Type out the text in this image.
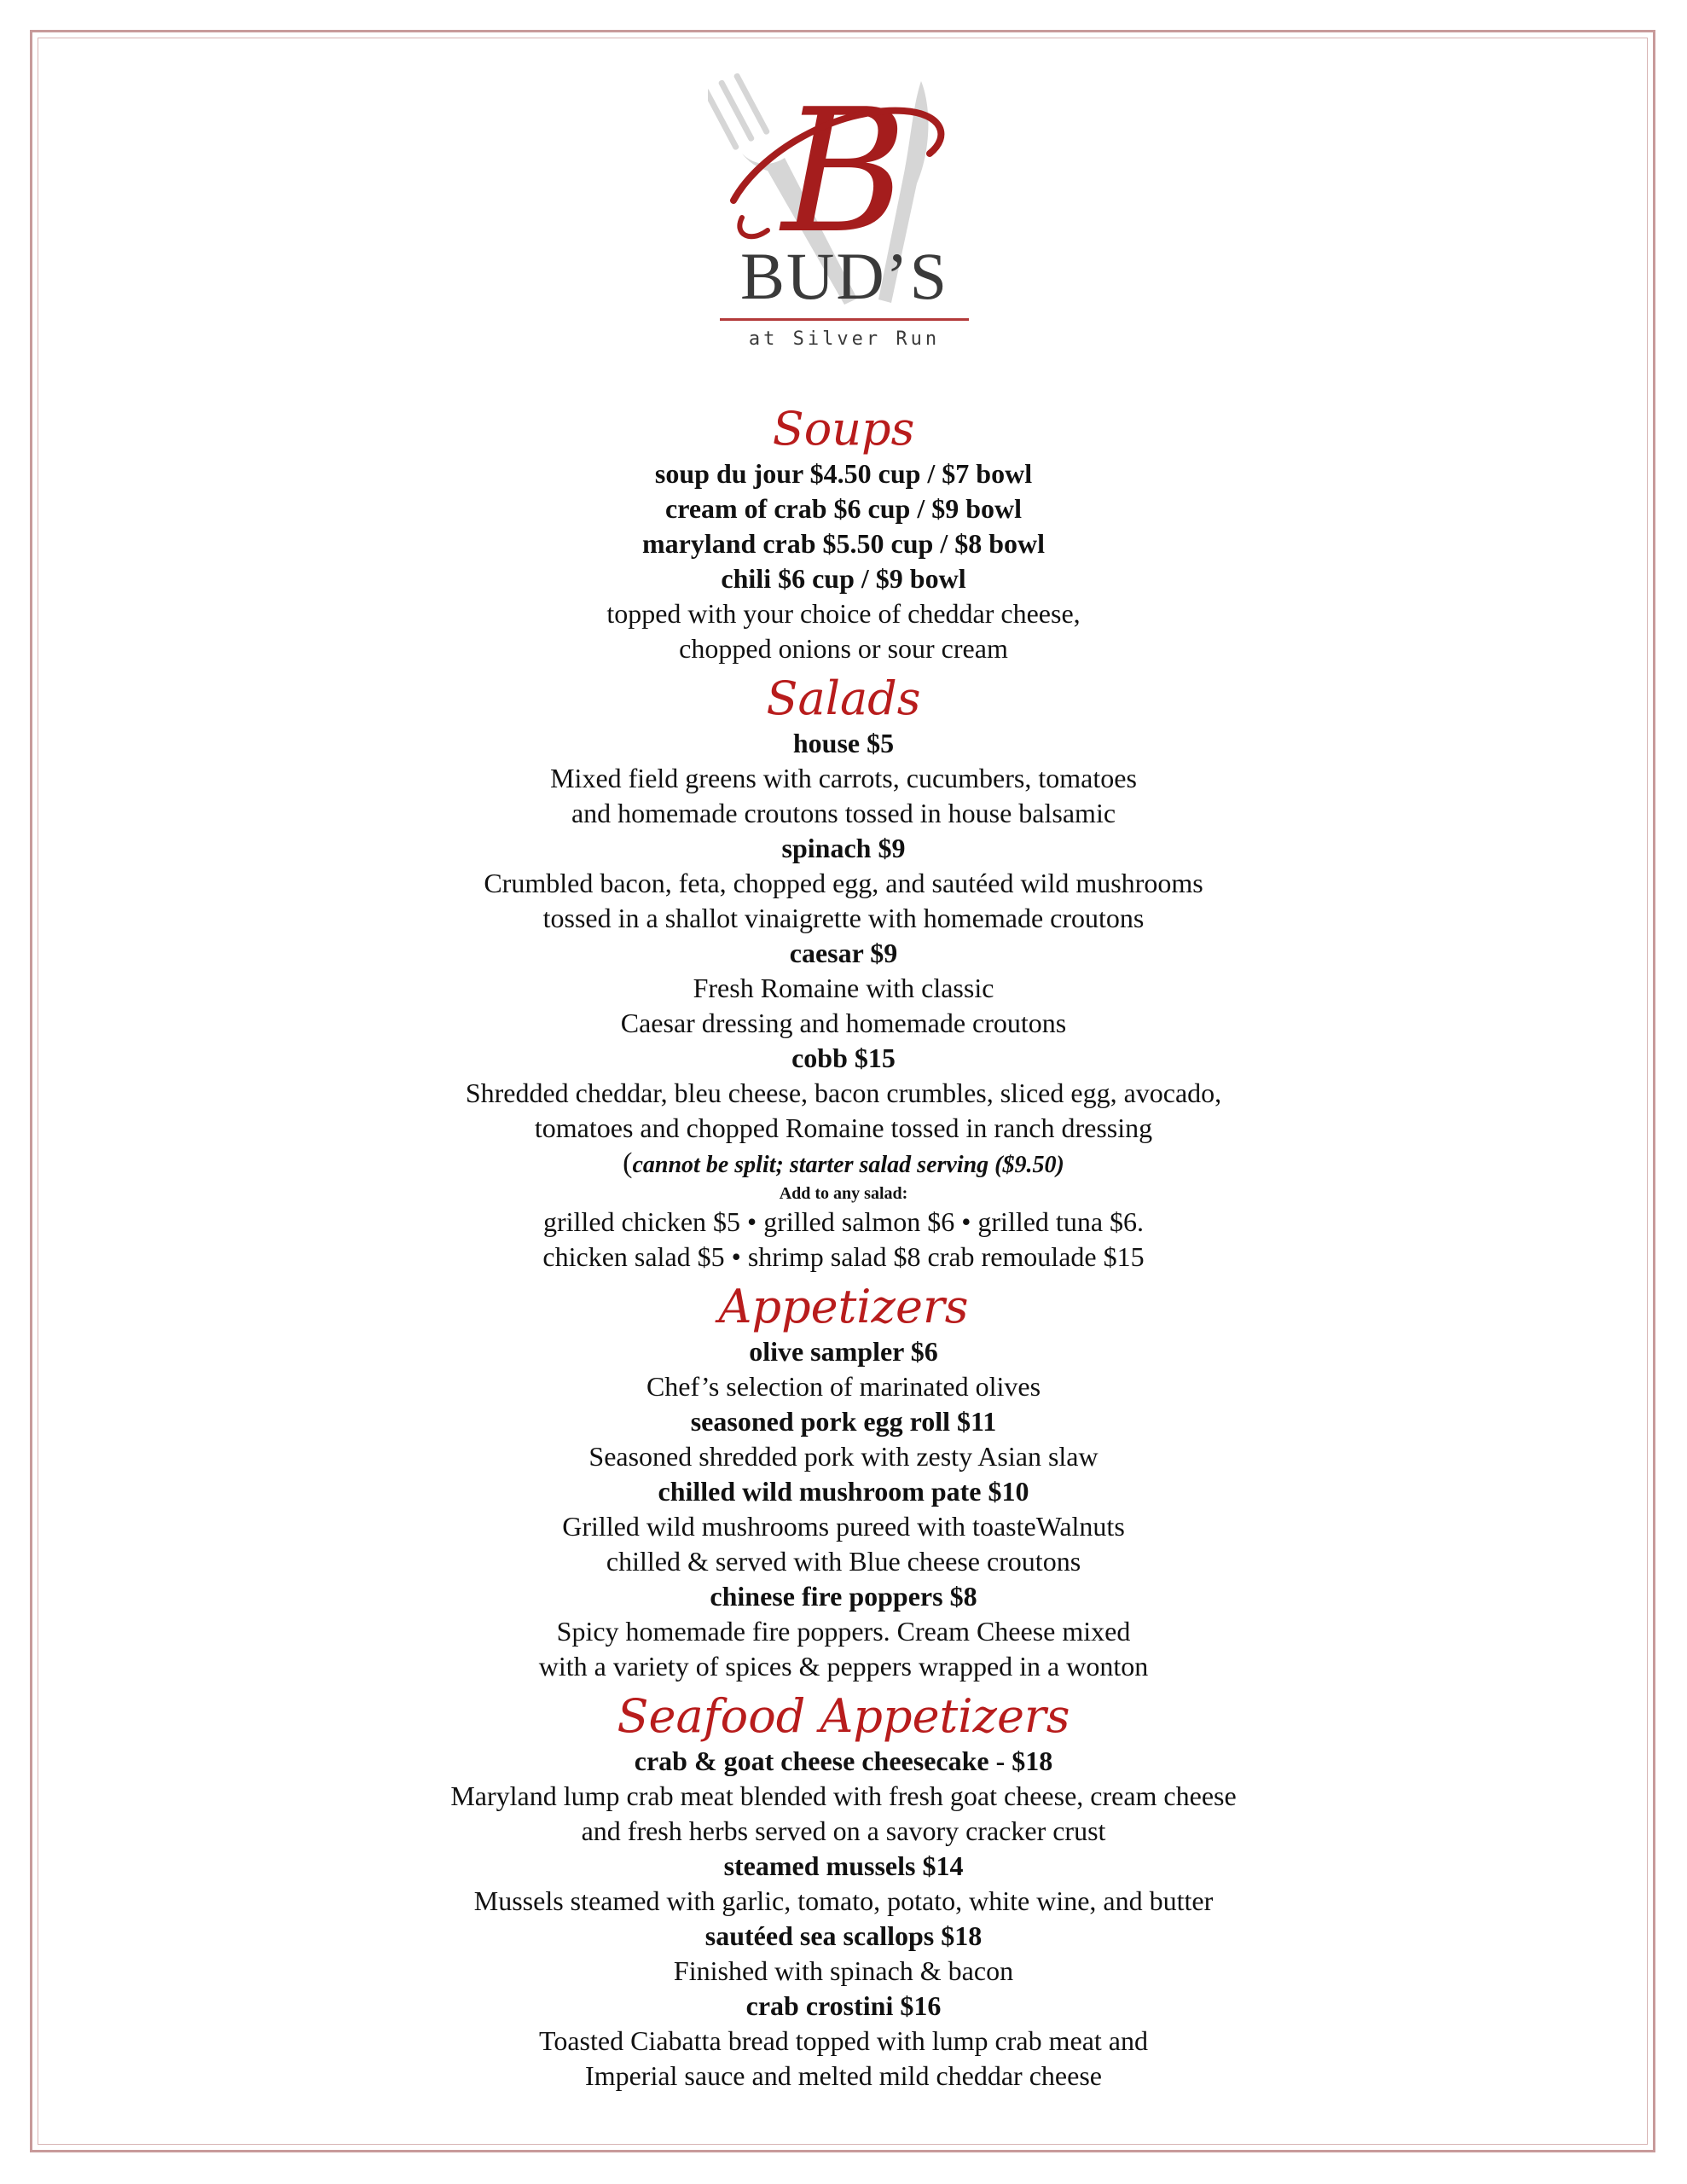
B
BUD’S
at Silver Run
Soups
soup du jour $4.50 cup / $7 bowl
cream of crab $6 cup / $9 bowl
maryland crab $5.50 cup / $8 bowl
chili $6 cup / $9 bowl
topped with your choice of cheddar cheese,
chopped onions or sour cream
Salads
house $5
Mixed field greens with carrots, cucumbers, tomatoes
and homemade croutons tossed in house balsamic
spinach $9
Crumbled bacon, feta, chopped egg, and sautéed wild mushrooms
tossed in a shallot vinaigrette with homemade croutons
caesar $9
Fresh Romaine with classic
Caesar dressing and homemade croutons
cobb $15
Shredded cheddar, bleu cheese, bacon crumbles, sliced egg, avocado,
tomatoes and chopped Romaine tossed in ranch dressing
(cannot be split; starter salad serving ($9.50)
Add to any salad:
grilled chicken $5 • grilled salmon $6 • grilled tuna $6.
chicken salad $5 • shrimp salad $8 crab remoulade $15
Appetizers
olive sampler $6
Chef’s selection of marinated olives
seasoned pork egg roll $11
Seasoned shredded pork with zesty Asian slaw
chilled wild mushroom pate $10
Grilled wild mushrooms pureed with toasteWalnuts
chilled & served with Blue cheese croutons
chinese fire poppers $8
Spicy homemade fire poppers. Cream Cheese mixed
with a variety of spices & peppers wrapped in a wonton
Seafood Appetizers
crab & goat cheese cheesecake - $18
Maryland lump crab meat blended with fresh goat cheese, cream cheese
and fresh herbs served on a savory cracker crust
steamed mussels $14
Mussels steamed with garlic, tomato, potato, white wine, and butter
sautéed sea scallops $18
Finished with spinach & bacon
crab crostini $16
Toasted Ciabatta bread topped with lump crab meat and
Imperial sauce and melted mild cheddar cheese
